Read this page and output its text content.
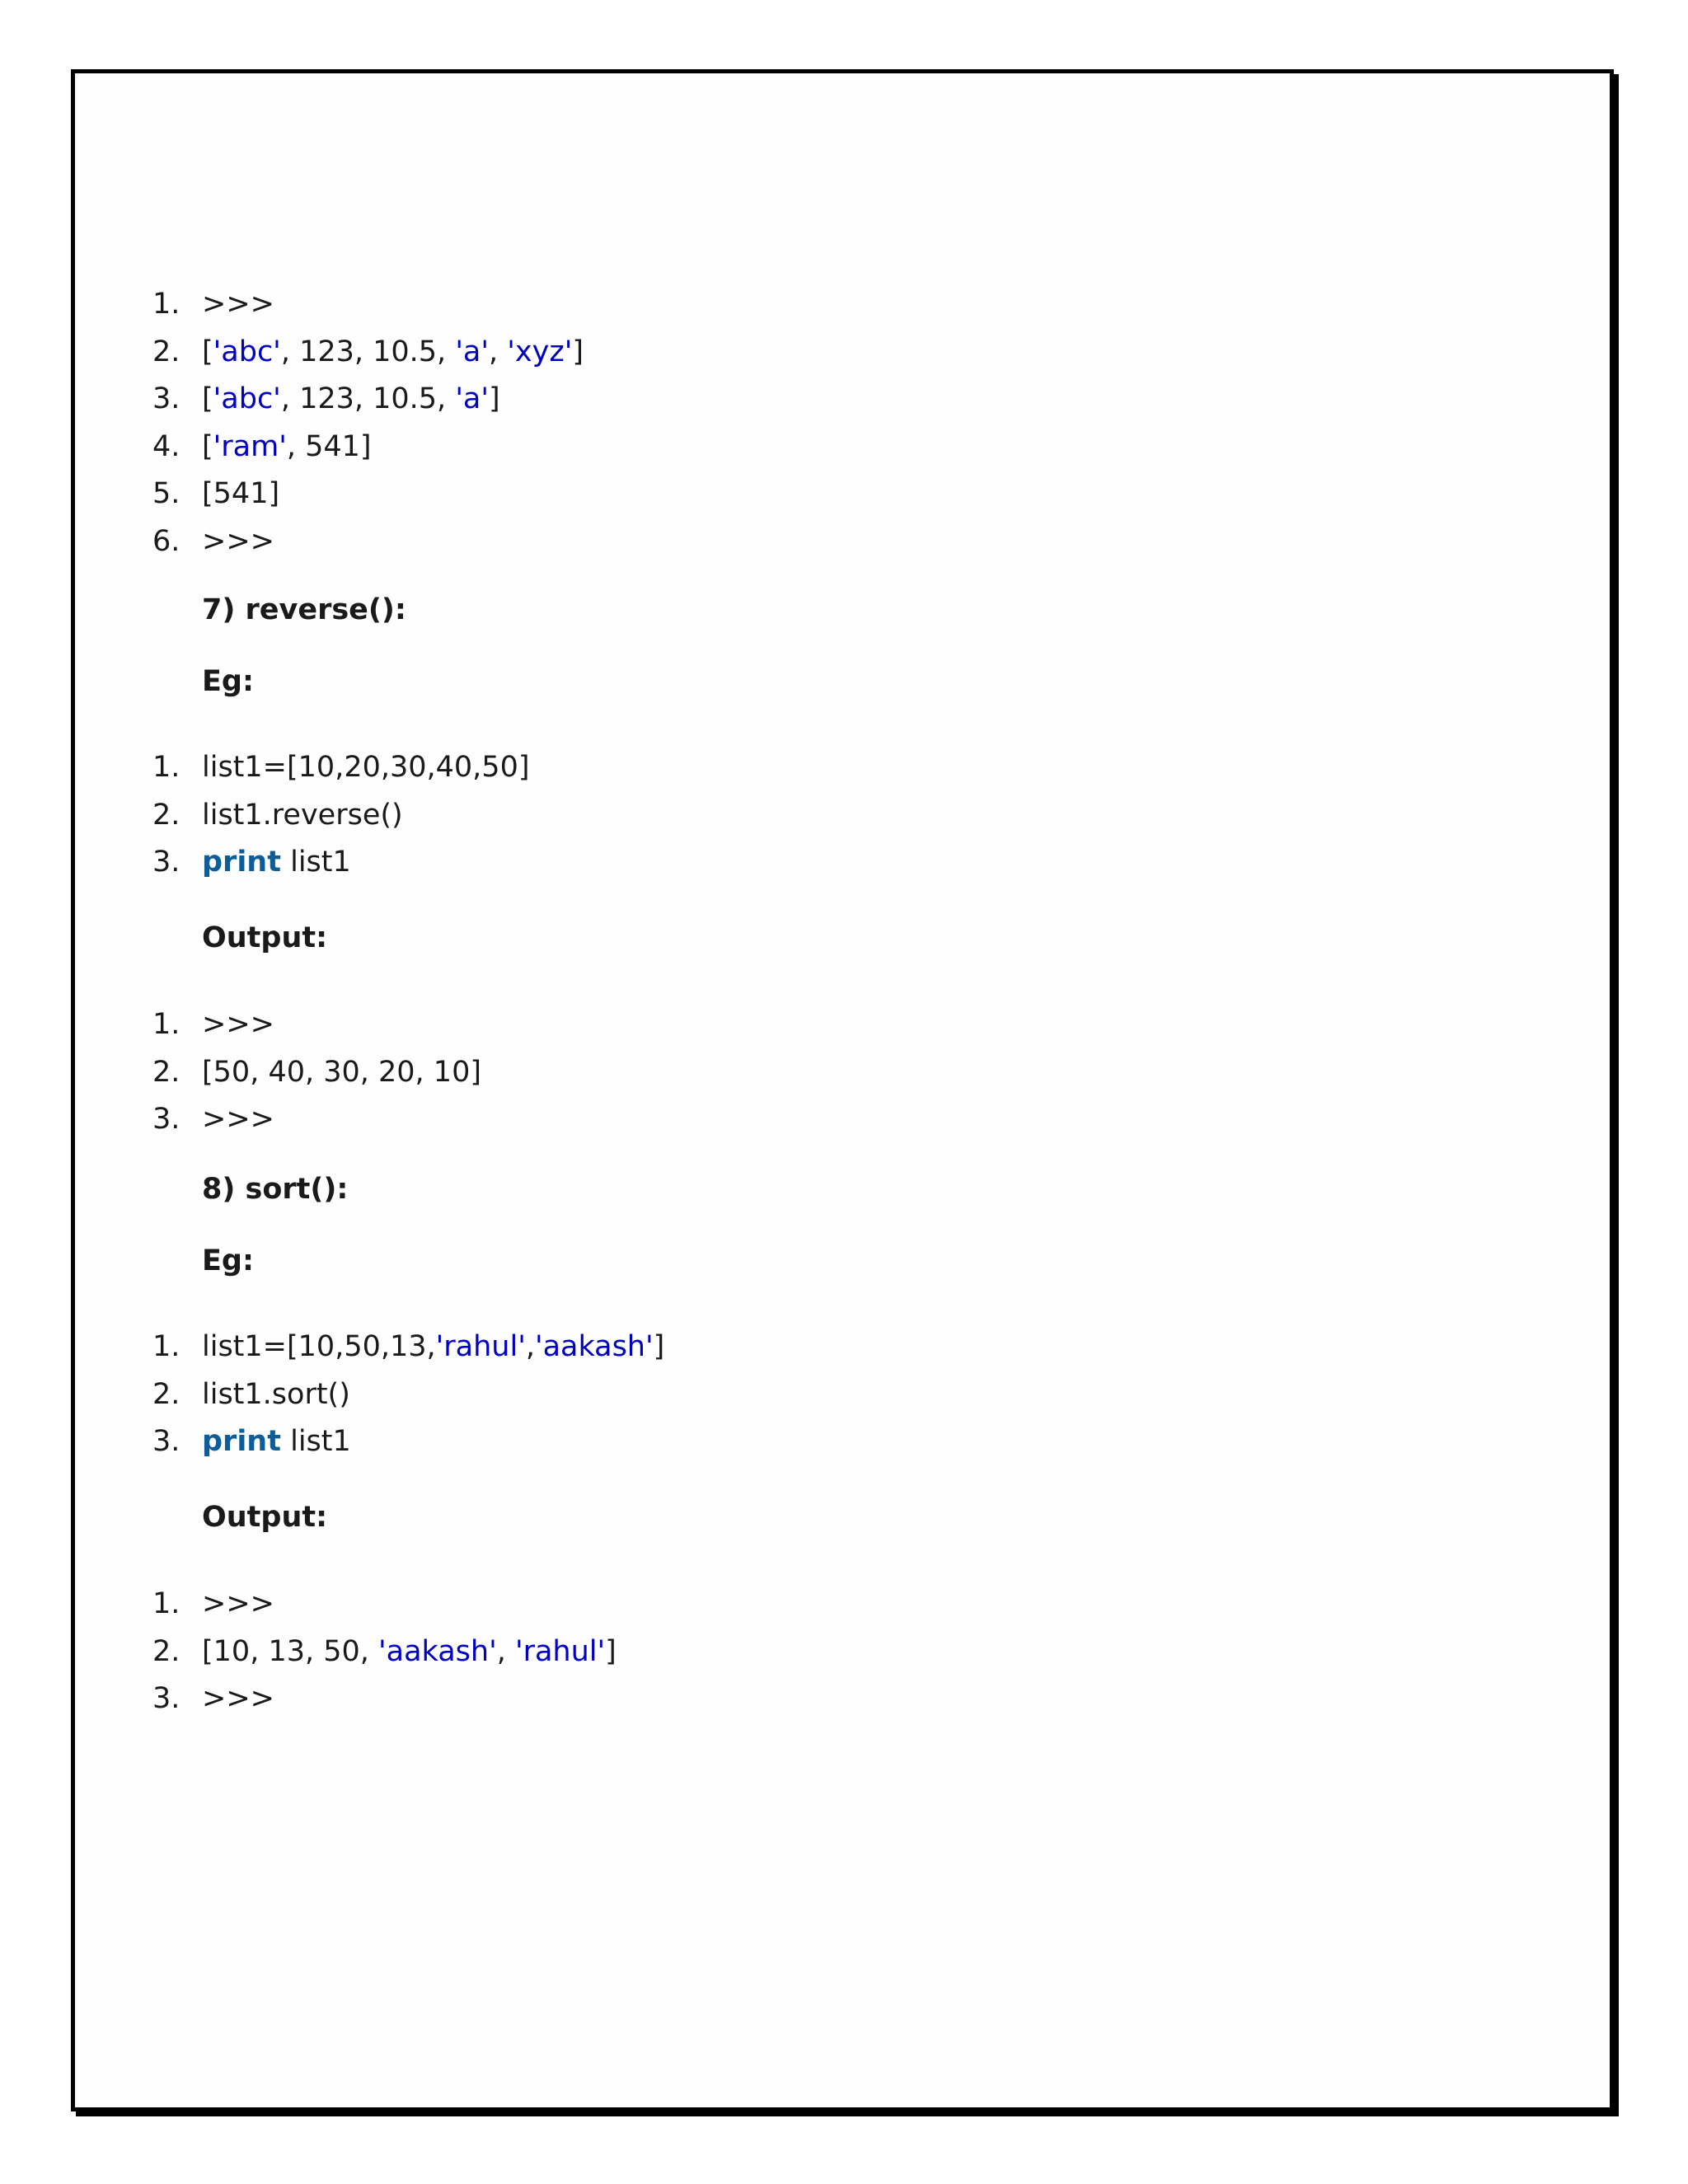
1. >>>
2. ['abc', 123, 10.5, 'a', 'xyz']
3. ['abc', 123, 10.5, 'a']
4. ['ram', 541]
5. [541]
6. >>>
7) reverse():
Eg:
1. list1=[10,20,30,40,50]
2. list1.reverse()
3. print list1
Output:
1. >>>
2. [50, 40, 30, 20, 10]
3. >>>
8) sort():
Eg:
1. list1=[10,50,13,'rahul','aakash']
2. list1.sort()
3. print list1
Output:
1. >>>
2. [10, 13, 50, 'aakash', 'rahul']
3. >>>
